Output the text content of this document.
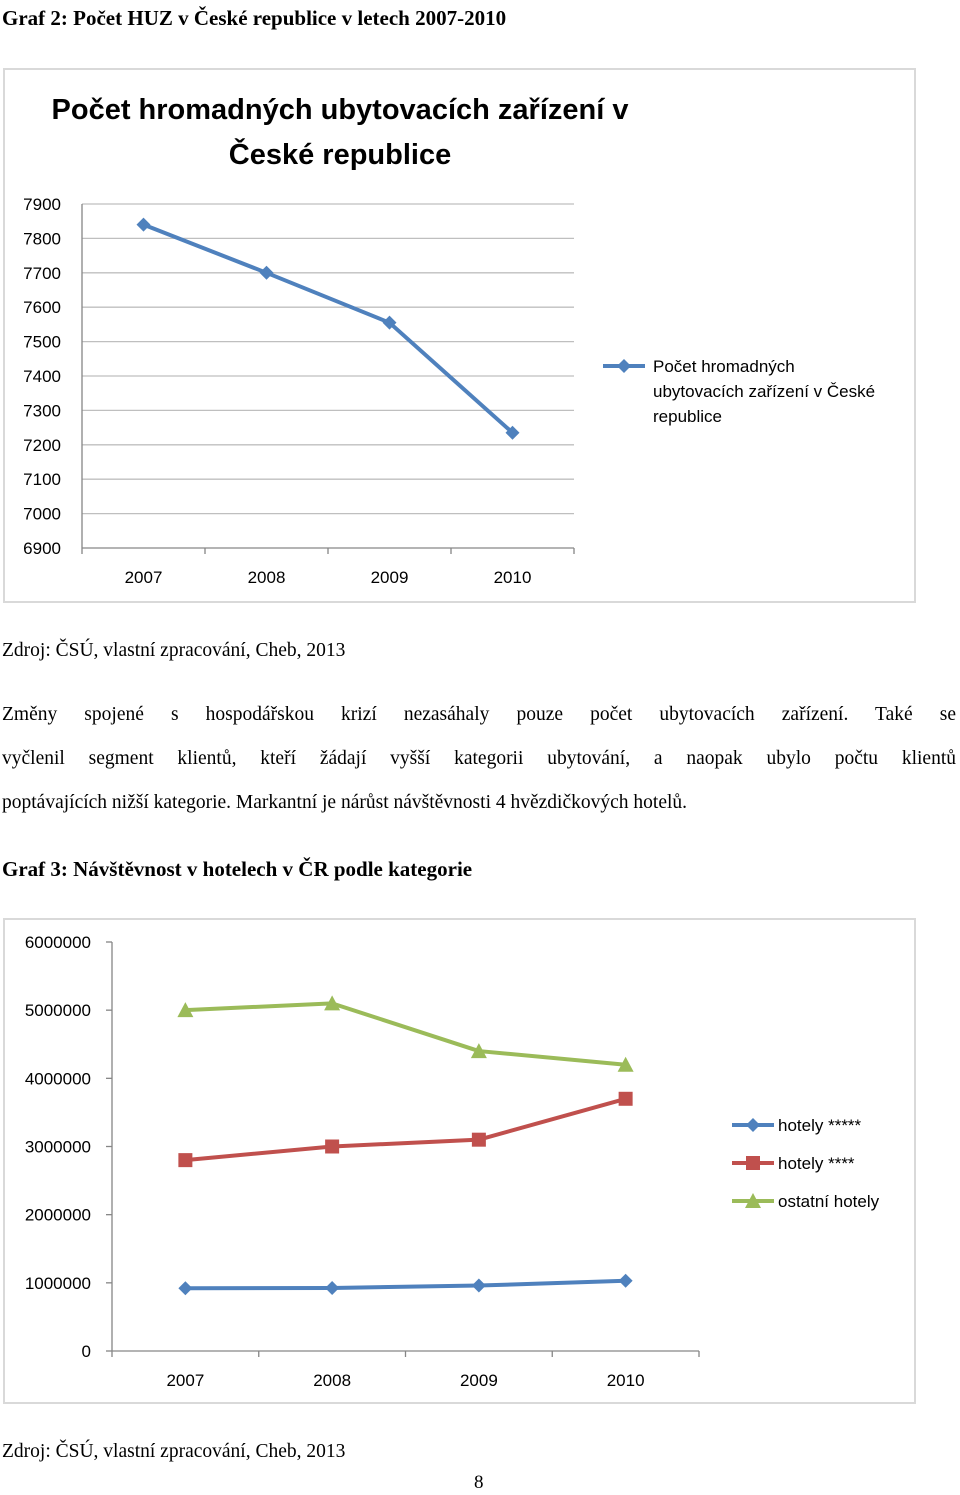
Graf 2: Počet HUZ v České republice v letech 2007-2010
Počet hromadných ubytovacích zařízení v
České republice
6900
7000
7100
7200
7300
7400
7500
7600
7700
7800
7900
2007	2008	2009	2010
Počet hromadných
ubytovacích zařízení v České
republice
Zdroj: ČSÚ, vlastní zpracování, Cheb, 2013
Změny spojené s hospodářskou krizí nezasáhaly pouze počet ubytovacích zařízení. Také se
vyčlenil segment klientů, kteří žádají vyšší kategorii ubytování, a naopak ubylo počtu klientů
poptávajících nižší kategorie. Markantní je nárůst návštěvnosti 4 hvězdičkových hotelů.
Graf 3: Návštěvnost v hotelech v ČR podle kategorie
0
1000000
2000000
3000000
4000000
5000000
6000000
2007	2008	2009	2010
hotely *****
hotely ****
ostatní hotely
Zdroj: ČSÚ, vlastní zpracování, Cheb, 2013
8
